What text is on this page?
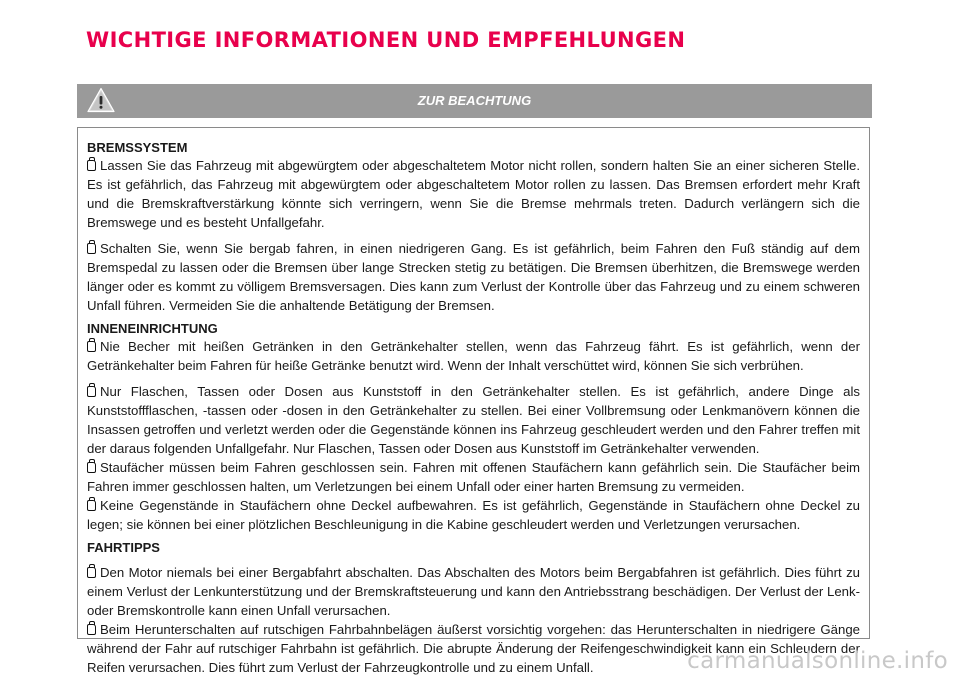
WICHTIGE INFORMATIONEN UND EMPFEHLUNGEN
ZUR BEACHTUNG
BREMSSYSTEM

Lassen Sie das Fahrzeug mit abgewürgtem oder abgeschaltetem Motor nicht rollen, sondern halten Sie an einer sicheren Stelle. Es ist gefährlich, das Fahrzeug mit abgewürgtem oder abgeschaltetem Motor rollen zu lassen. Das Bremsen erfordert mehr Kraft und die Bremskraftverstärkung könnte sich verringern, wenn Sie die Bremse mehrmals treten. Dadurch verlängern sich die Bremswege und es besteht Unfallgefahr.

Schalten Sie, wenn Sie bergab fahren, in einen niedrigeren Gang. Es ist gefährlich, beim Fahren den Fuß ständig auf dem Bremspedal zu lassen oder die Bremsen über lange Strecken stetig zu betätigen. Die Bremsen überhitzen, die Bremswege werden länger oder es kommt zu völligem Bremsversagen. Dies kann zum Verlust der Kontrolle über das Fahrzeug und zu einem schweren Unfall führen. Vermeiden Sie die anhaltende Betätigung der Bremsen.

INNENEINRICHTUNG

Nie Becher mit heißen Getränken in den Getränkehalter stellen, wenn das Fahrzeug fährt. Es ist gefährlich, wenn der Getränkehalter beim Fahren für heiße Getränke benutzt wird. Wenn der Inhalt verschüttet wird, können Sie sich verbrühen.

Nur Flaschen, Tassen oder Dosen aus Kunststoff in den Getränkehalter stellen. Es ist gefährlich, andere Dinge als Kunststoffflaschen, -tassen oder -dosen in den Getränkehalter zu stellen. Bei einer Vollbremsung oder Lenkmanövern können die Insassen getroffen und verletzt werden oder die Gegenstände können ins Fahrzeug geschleudert werden und den Fahrer treffen mit der daraus folgenden Unfallgefahr. Nur Flaschen, Tassen oder Dosen aus Kunststoff im Getränkehalter verwenden.

Staufächer müssen beim Fahren geschlossen sein. Fahren mit offenen Staufächern kann gefährlich sein. Die Staufächer beim Fahren immer geschlossen halten, um Verletzungen bei einem Unfall oder einer harten Bremsung zu vermeiden.

Keine Gegenstände in Staufächern ohne Deckel aufbewahren. Es ist gefährlich, Gegenstände in Staufächern ohne Deckel zu legen; sie können bei einer plötzlichen Beschleunigung in die Kabine geschleudert werden und Verletzungen verursachen.

FAHRTIPPS

Den Motor niemals bei einer Bergabfahrt abschalten. Das Abschalten des Motors beim Bergabfahren ist gefährlich. Dies führt zu einem Verlust der Lenkunterstützung und der Bremskraftsteuerung und kann den Antriebsstrang beschädigen. Der Verlust der Lenk- oder Bremskontrolle kann einen Unfall verursachen.

Beim Herunterschalten auf rutschigen Fahrbahnbelägen äußerst vorsichtig vorgehen: das Herunterschalten in niedrigere Gänge während der Fahr auf rutschiger Fahrbahn ist gefährlich. Die abrupte Änderung der Reifengeschwindigkeit kann ein Schleudern der Reifen verursachen. Dies führt zum Verlust der Fahrzeugkontrolle und zu einem Unfall.	carmanualsonline.info
